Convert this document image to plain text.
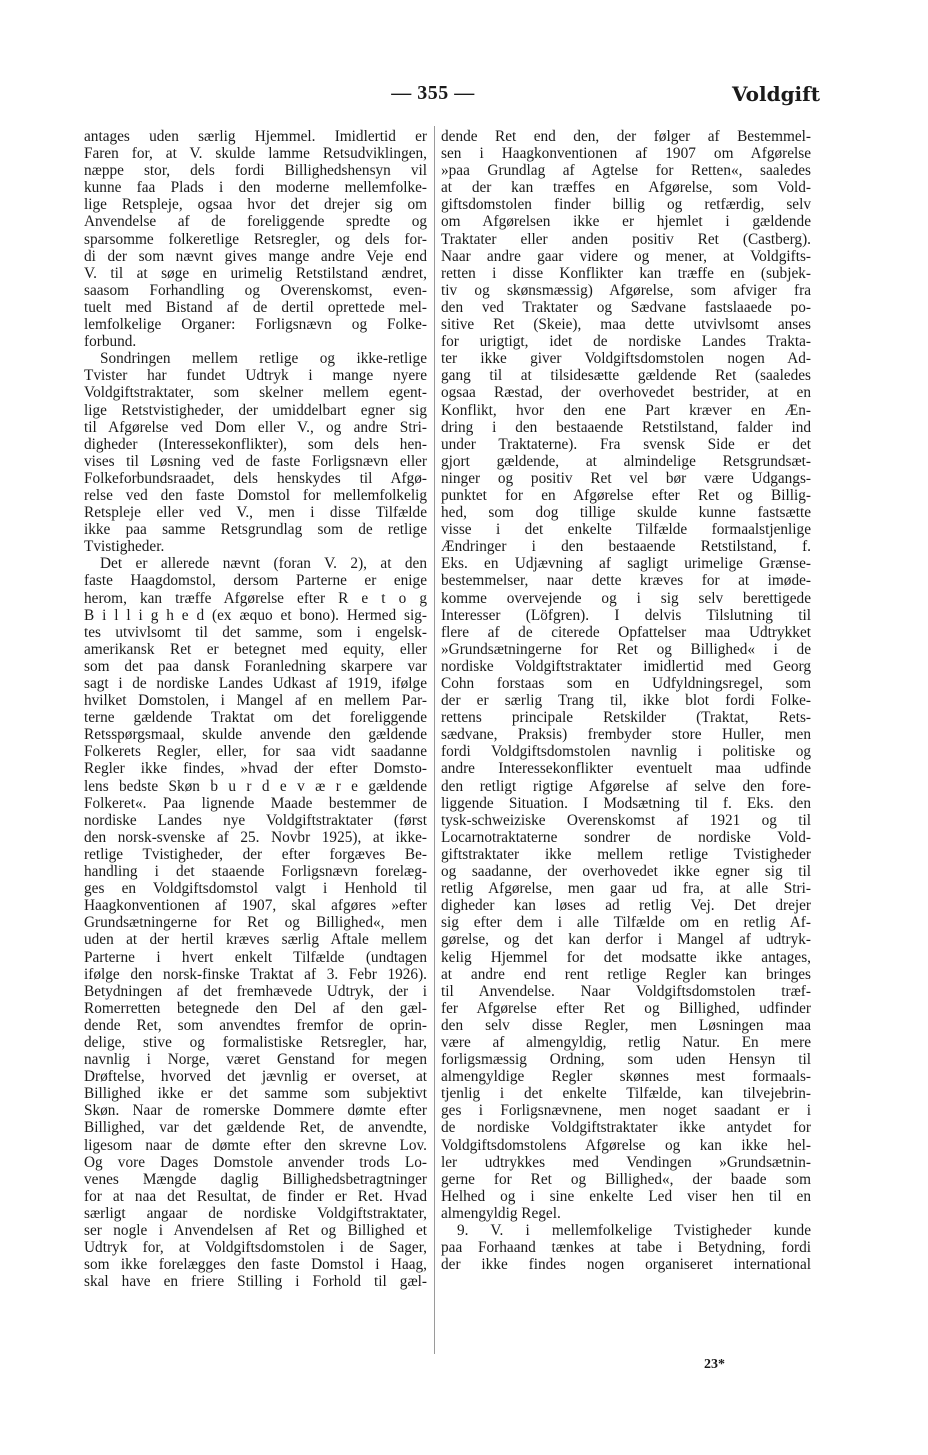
— 355 —	Voldgift
antages uden særlig Hjemmel. Imidlertid er
Faren for, at V. skulde lamme Retsudviklingen,
næppe stor, dels fordi Billighedshensyn vil
kunne faa Plads i den moderne mellemfolke-
lige Retspleje, ogsaa hvor det drejer sig om
Anvendelse af de foreliggende spredte og
sparsomme folkeretlige Retsregler, og dels for-
di der som nævnt gives mange andre Veje end
V. til at søge en urimelig Retstilstand ændret,
saasom Forhandling og Overenskomst, even-
tuelt med Bistand af de dertil oprettede mel-
lemfolkelige Organer: Forligsnævn og Folke-
forbund.
Sondringen mellem retlige og ikke-retlige
Tvister har fundet Udtryk i mange nyere
Voldgiftstraktater, som skelner mellem egent-
lige Retstvistigheder, der umiddelbart egner sig
til Afgørelse ved Dom eller V., og andre Stri-
digheder (Interessekonflikter), som dels hen-
vises til Løsning ved de faste Forligsnævn eller
Folkeforbundsraadet, dels henskydes til Afgø-
relse ved den faste Domstol for mellemfolkelig
Retspleje eller ved V., men i disse Tilfælde
ikke paa samme Retsgrundlag som de retlige
Tvistigheder.
Det er allerede nævnt (foran V. 2), at den
faste Haagdomstol, dersom Parterne er enige
herom, kan træffe Afgørelse efter R e t o g
B i l l i g h e d (ex æquo et bono). Hermed sig-
tes utvivlsomt til det samme, som i engelsk-
amerikansk Ret er betegnet med equity, eller
som det paa dansk Foranledning skarpere var
sagt i de nordiske Landes Udkast af 1919, ifølge
hvilket Domstolen, i Mangel af en mellem Par-
terne gældende Traktat om det foreliggende
Retsspørgsmaal, skulde anvende den gældende
Folkerets Regler, eller, for saa vidt saadanne
Regler ikke findes, »hvad der efter Domsto-
lens bedste Skøn b u r d e v æ r e gældende
Folkeret«. Paa lignende Maade bestemmer de
nordiske Landes nye Voldgiftstraktater (først
den norsk-svenske af 25. Novbr 1925), at ikke-
retlige Tvistigheder, der efter forgæves Be-
handling i det staaende Forligsnævn forelæg-
ges en Voldgiftsdomstol valgt i Henhold til
Haagkonventionen af 1907, skal afgøres »efter
Grundsætningerne for Ret og Billighed«, men
uden at der hertil kræves særlig Aftale mellem
Parterne i hvert enkelt Tilfælde (undtagen
ifølge den norsk-finske Traktat af 3. Febr 1926).
Betydningen af det fremhævede Udtryk, der i
Romerretten betegnede den Del af den gæl-
dende Ret, som anvendtes fremfor de oprin-
delige, stive og formalistiske Retsregler, har,
navnlig i Norge, været Genstand for megen
Drøftelse, hvorved det jævnlig er overset, at
Billighed ikke er det samme som subjektivt
Skøn. Naar de romerske Dommere dømte efter
Billighed, var det gældende Ret, de anvendte,
ligesom naar de dømte efter den skrevne Lov.
Og vore Dages Domstole anvender trods Lo-
venes Mængde daglig Billighedsbetragtninger
for at naa det Resultat, de finder er Ret. Hvad
særligt angaar de nordiske Voldgiftstraktater,
ser nogle i Anvendelsen af Ret og Billighed et
Udtryk for, at Voldgiftsdomstolen i de Sager,
som ikke forelægges den faste Domstol i Haag,
skal have en friere Stilling i Forhold til gæl-
dende Ret end den, der følger af Bestemmel-
sen i Haagkonventionen af 1907 om Afgørelse
»paa Grundlag af Agtelse for Retten«, saaledes
at der kan træffes en Afgørelse, som Vold-
giftsdomstolen finder billig og retfærdig, selv
om Afgørelsen ikke er hjemlet i gældende
Traktater eller anden positiv Ret (Castberg).
Naar andre gaar videre og mener, at Voldgifts-
retten i disse Konflikter kan træffe en (subjek-
tiv og skønsmæssig) Afgørelse, som afviger fra
den ved Traktater og Sædvane fastslaaede po-
sitive Ret (Skeie), maa dette utvivlsomt anses
for urigtigt, idet de nordiske Landes Trakta-
ter ikke giver Voldgiftsdomstolen nogen Ad-
gang til at tilsidesætte gældende Ret (saaledes
ogsaa Ræstad, der overhovedet bestrider, at en
Konflikt, hvor den ene Part kræver en Æn-
dring i den bestaaende Retstilstand, falder ind
under Traktaterne). Fra svensk Side er det
gjort gældende, at almindelige Retsgrundsæt-
ninger og positiv Ret vel bør være Udgangs-
punktet for en Afgørelse efter Ret og Billig-
hed, som dog tillige skulde kunne fastsætte
visse i det enkelte Tilfælde formaalstjenlige
Ændringer i den bestaaende Retstilstand, f.
Eks. en Udjævning af sagligt urimelige Grænse-
bestemmelser, naar dette kræves for at imøde-
komme overvejende og i sig selv berettigede
Interesser (Löfgren). I delvis Tilslutning til
flere af de citerede Opfattelser maa Udtrykket
»Grundsætningerne for Ret og Billighed« i de
nordiske Voldgiftstraktater imidlertid med Georg
Cohn forstaas som en Udfyldningsregel, som
der er særlig Trang til, ikke blot fordi Folke-
rettens principale Retskilder (Traktat, Rets-
sædvane, Praksis) frembyder store Huller, men
fordi Voldgiftsdomstolen navnlig i politiske og
andre Interessekonflikter eventuelt maa udfinde
den retligt rigtige Afgørelse af selve den fore-
liggende Situation. I Modsætning til f. Eks. den
tysk-schweiziske Overenskomst af 1921 og til
Locarnotraktaterne sondrer de nordiske Vold-
giftstraktater ikke mellem retlige Tvistigheder
og saadanne, der overhovedet ikke egner sig til
retlig Afgørelse, men gaar ud fra, at alle Stri-
digheder kan løses ad retlig Vej. Det drejer
sig efter dem i alle Tilfælde om en retlig Af-
gørelse, og det kan derfor i Mangel af udtryk-
kelig Hjemmel for det modsatte ikke antages,
at andre end rent retlige Regler kan bringes
til Anvendelse. Naar Voldgiftsdomstolen træf-
fer Afgørelse efter Ret og Billighed, udfinder
den selv disse Regler, men Løsningen maa
være af almengyldig, retlig Natur. En mere
forligsmæssig Ordning, som uden Hensyn til
almengyldige Regler skønnes mest formaals-
tjenlig i det enkelte Tilfælde, kan tilvejebrin-
ges i Forligsnævnene, men noget saadant er i
de nordiske Voldgiftstraktater ikke antydet for
Voldgiftsdomstolens Afgørelse og kan ikke hel-
ler udtrykkes med Vendingen »Grundsætnin-
gerne for Ret og Billighed«, der baade som
Helhed og i sine enkelte Led viser hen til en
almengyldig Regel.
9. V. i mellemfolkelige Tvistigheder kunde
paa Forhaand tænkes at tabe i Betydning, fordi
der ikke findes nogen organiseret international
23*
